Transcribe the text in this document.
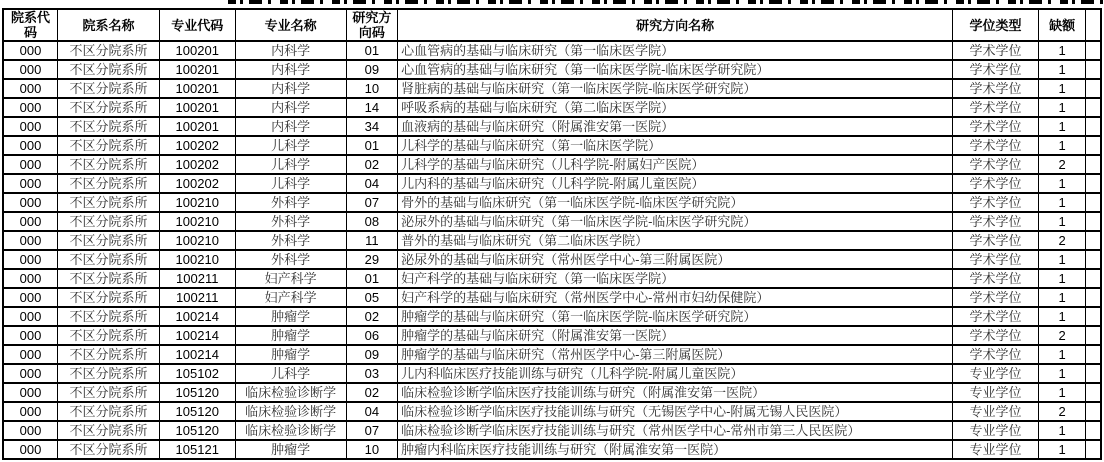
院系代码	院系名称	专业代码	专业名称	研究方向码	研究方向名称	学位类型	缺额	
000	不区分院系所	100201	内科学	01	心血管病的基础与临床研究（第一临床医学院）	学术学位	1	
000	不区分院系所	100201	内科学	09	心血管病的基础与临床研究（第一临床医学院-临床医学研究院）	学术学位	1	
000	不区分院系所	100201	内科学	10	肾脏病的基础与临床研究（第一临床医学院-临床医学研究院）	学术学位	1	
000	不区分院系所	100201	内科学	14	呼吸系病的基础与临床研究（第二临床医学院）	学术学位	1	
000	不区分院系所	100201	内科学	34	血液病的基础与临床研究（附属淮安第一医院）	学术学位	1	
000	不区分院系所	100202	儿科学	01	儿科学的基础与临床研究（第一临床医学院）	学术学位	1	
000	不区分院系所	100202	儿科学	02	儿科学的基础与临床研究（儿科学院-附属妇产医院）	学术学位	2	
000	不区分院系所	100202	儿科学	04	儿内科的基础与临床研究（儿科学院-附属儿童医院）	学术学位	1	
000	不区分院系所	100210	外科学	07	骨外的基础与临床研究（第一临床医学院-临床医学研究院）	学术学位	1	
000	不区分院系所	100210	外科学	08	泌尿外的基础与临床研究（第一临床医学院-临床医学研究院）	学术学位	1	
000	不区分院系所	100210	外科学	11	普外的基础与临床研究（第二临床医学院）	学术学位	2	
000	不区分院系所	100210	外科学	29	泌尿外的基础与临床研究（常州医学中心-第三附属医院）	学术学位	1	
000	不区分院系所	100211	妇产科学	01	妇产科学的基础与临床研究（第一临床医学院）	学术学位	1	
000	不区分院系所	100211	妇产科学	05	妇产科学的基础与临床研究（常州医学中心-常州市妇幼保健院）	学术学位	1	
000	不区分院系所	100214	肿瘤学	02	肿瘤学的基础与临床研究（第一临床医学院-临床医学研究院）	学术学位	1	
000	不区分院系所	100214	肿瘤学	06	肿瘤学的基础与临床研究（附属淮安第一医院）	学术学位	2	
000	不区分院系所	100214	肿瘤学	09	肿瘤学的基础与临床研究（常州医学中心-第三附属医院）	学术学位	1	
000	不区分院系所	105102	儿科学	03	儿内科临床医疗技能训练与研究（儿科学院-附属儿童医院）	专业学位	1	
000	不区分院系所	105120	临床检验诊断学	02	临床检验诊断学临床医疗技能训练与研究（附属淮安第一医院）	专业学位	1	
000	不区分院系所	105120	临床检验诊断学	04	临床检验诊断学临床医疗技能训练与研究（无锡医学中心-附属无锡人民医院）	专业学位	2	
000	不区分院系所	105120	临床检验诊断学	07	临床检验诊断学临床医疗技能训练与研究（常州医学中心-常州市第三人民医院）	专业学位	1	
000	不区分院系所	105121	肿瘤学	10	肿瘤内科临床医疗技能训练与研究（附属淮安第一医院）	专业学位	1	
